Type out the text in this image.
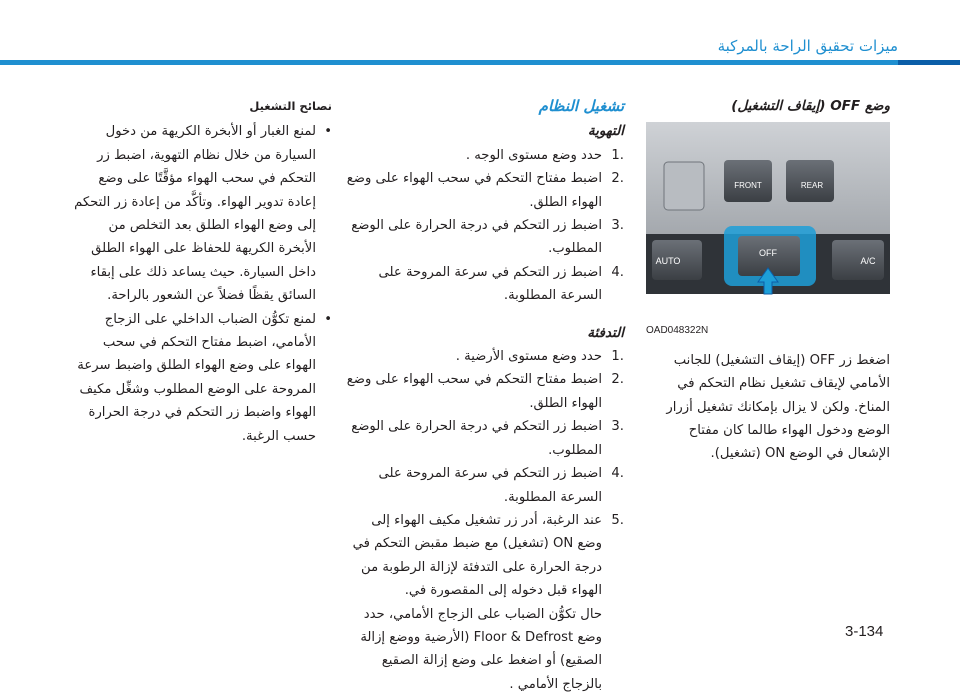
ميزات تحقيق الراحة بالمركبة
وضع OFF (إيقاف التشغيل)
FRONT	REAR
AUTO
OFF
A/C
OAD048322N
اضغط زر OFF (إيقاف التشغيل) للجانب الأمامي لإيقاف تشغيل نظام التحكم في المناخ. ولكن لا يزال بإمكانك تشغيل أزرار الوضع ودخول الهواء طالما كان مفتاح الإشعال في الوضع ON (تشغيل).
تشغيل النظام
التهوية
1.
حدد وضع مستوى الوجه .
2.
اضبط مفتاح التحكم في سحب الهواء على وضع الهواء الطلق.
3.
اضبط زر التحكم في درجة الحرارة على الوضع المطلوب.
4.
اضبط زر التحكم في سرعة المروحة على السرعة المطلوبة.
التدفئة
1.
حدد وضع مستوى الأرضية .
2.
اضبط مفتاح التحكم في سحب الهواء على وضع الهواء الطلق.
3.
اضبط زر التحكم في درجة الحرارة على الوضع المطلوب.
4.
اضبط زر التحكم في سرعة المروحة على السرعة المطلوبة.
5.
عند الرغبة، أدر زر تشغيل مكيف الهواء إلى وضع ON (تشغيل) مع ضبط مقبض التحكم في درجة الحرارة على التدفئة لإزالة الرطوبة من الهواء قبل دخوله إلى المقصورة في.
حال تكوُّن الضباب على الزجاج الأمامي، حدد وضع Floor & Defrost (الأرضية ووضع إزالة الصقيع) أو اضغط على وضع إزالة الصقيع بالزجاج الأمامي .
نصائح التشغيل
•
لمنع الغبار أو الأبخرة الكريهة من دخول السيارة من خلال نظام التهوية، اضبط زر التحكم في سحب الهواء مؤقَّتًا على وضع إعادة تدوير الهواء. وتأكَّد من إعادة زر التحكم إلى وضع الهواء الطلق بعد التخلص من الأبخرة الكريهة للحفاظ على الهواء الطلق داخل السيارة. حيث يساعد ذلك على إبقاء السائق يقظًا فضلاً عن الشعور بالراحة.
•
لمنع تكوُّن الضباب الداخلي على الزجاج الأمامي، اضبط مفتاح التحكم في سحب الهواء على وضع الهواء الطلق واضبط سرعة المروحة على الوضع المطلوب وشغِّل مكيف الهواء واضبط زر التحكم في درجة الحرارة حسب الرغبة.
3-134
